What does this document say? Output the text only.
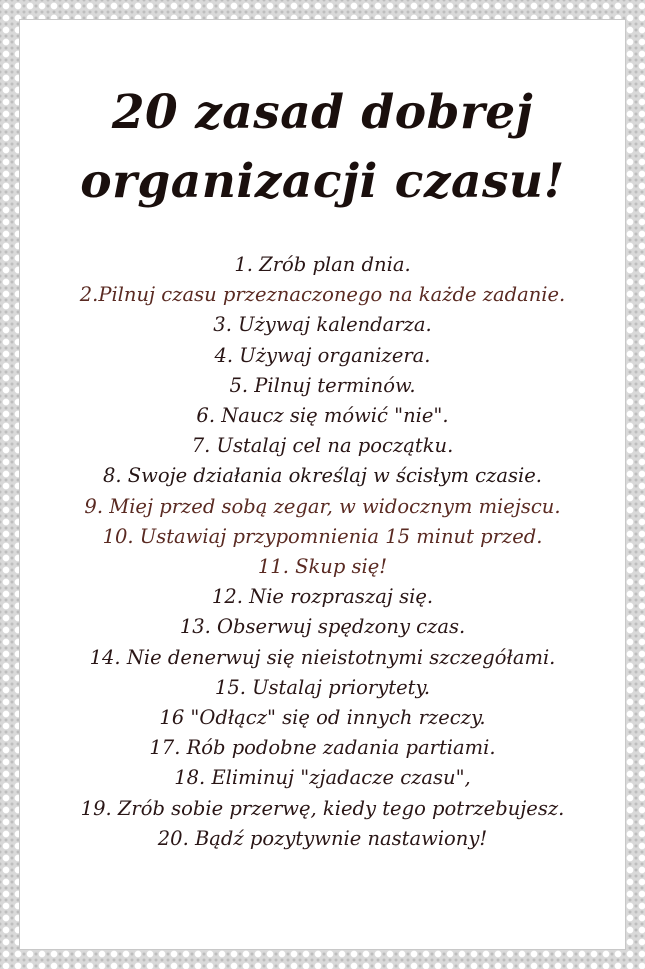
20 zasad dobrej
organizacji czasu!
1. Zrób plan dnia.
2.Pilnuj czasu przeznaczonego na każde zadanie.
3. Używaj kalendarza.
4. Używaj organizera.
5. Pilnuj terminów.
6. Naucz się mówić "nie".
7. Ustalaj cel na początku.
8. Swoje działania określaj w ścisłym czasie.
9. Miej przed sobą zegar, w widocznym miejscu.
10. Ustawiaj przypomnienia 15 minut przed.
11. Skup się!
12. Nie rozpraszaj się.
13. Obserwuj spędzony czas.
14. Nie denerwuj się nieistotnymi szczegółami.
15. Ustalaj priorytety.
16 "Odłącz" się od innych rzeczy.
17. Rób podobne zadania partiami.
18. Eliminuj "zjadacze czasu",
19. Zrób sobie przerwę, kiedy tego potrzebujesz.
20. Bądź pozytywnie nastawiony!
